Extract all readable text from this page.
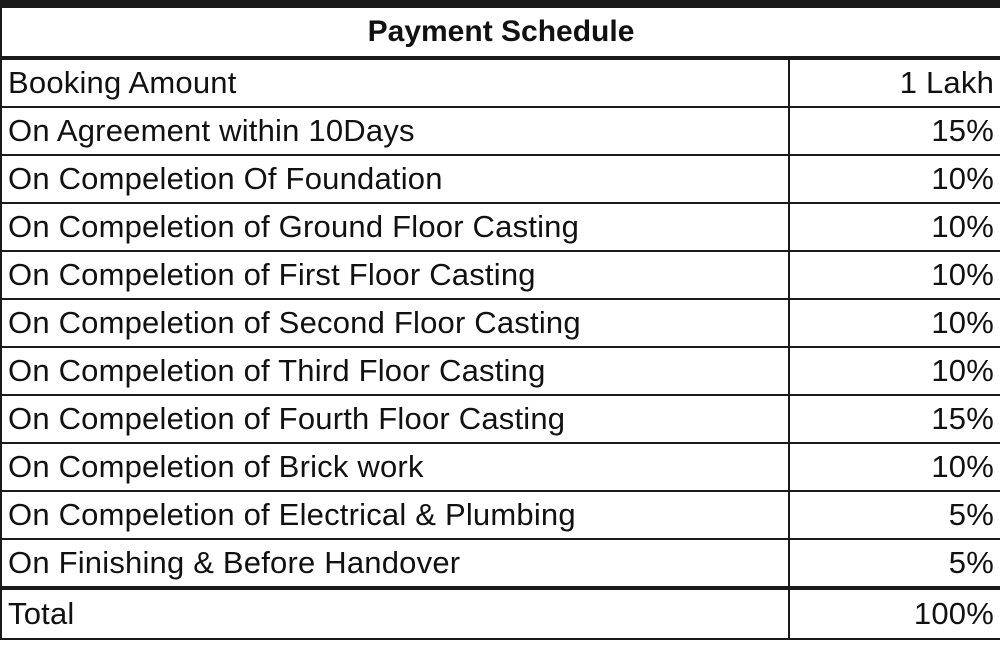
Payment Schedule	
Booking Amount	1 Lakh
On Agreement within 10Days	15%
On Compeletion Of Foundation	10%
On Compeletion of Ground Floor Casting	10%
On Compeletion of First Floor Casting	10%
On Compeletion of Second Floor Casting	10%
On Compeletion of Third Floor Casting	10%
On Compeletion of Fourth Floor Casting	15%
On Compeletion of Brick work	10%
On Compeletion of Electrical & Plumbing	5%
On Finishing & Before Handover	5%
Total	100%
